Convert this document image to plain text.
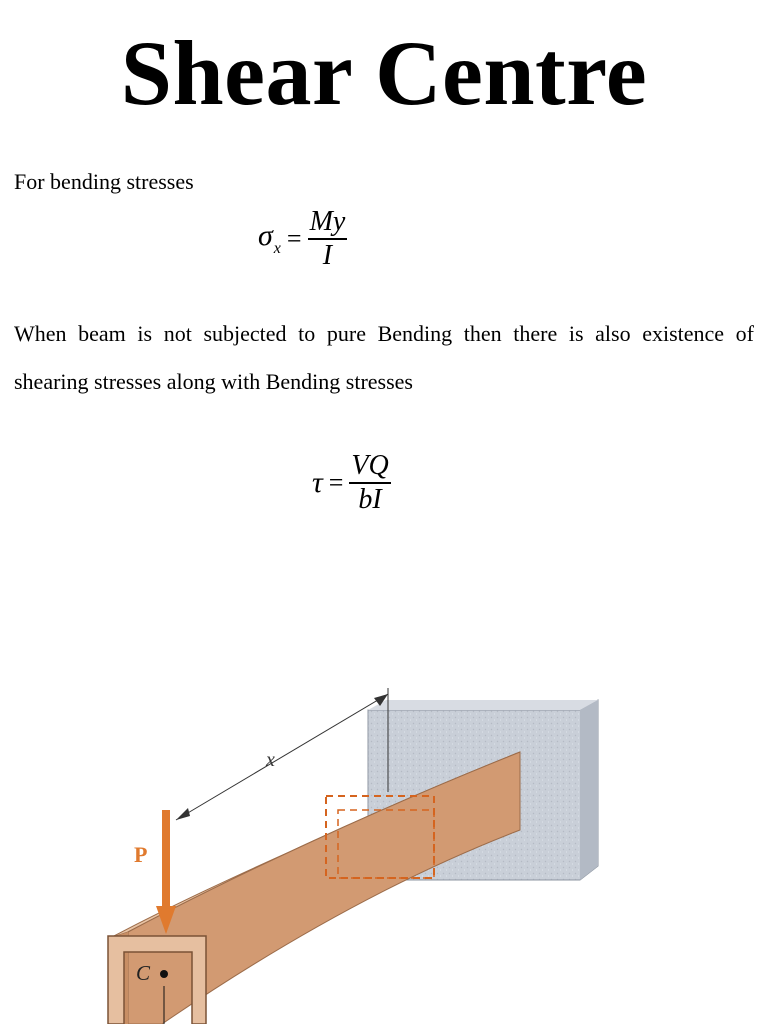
Shear Centre
For bending stresses
$\sigma_x = \frac{My}{I}$
When beam is not subjected to pure Bending then there is also existence of shearing stresses along with Bending stresses
$\tau = \frac{VQ}{bI}$
x
P
C
